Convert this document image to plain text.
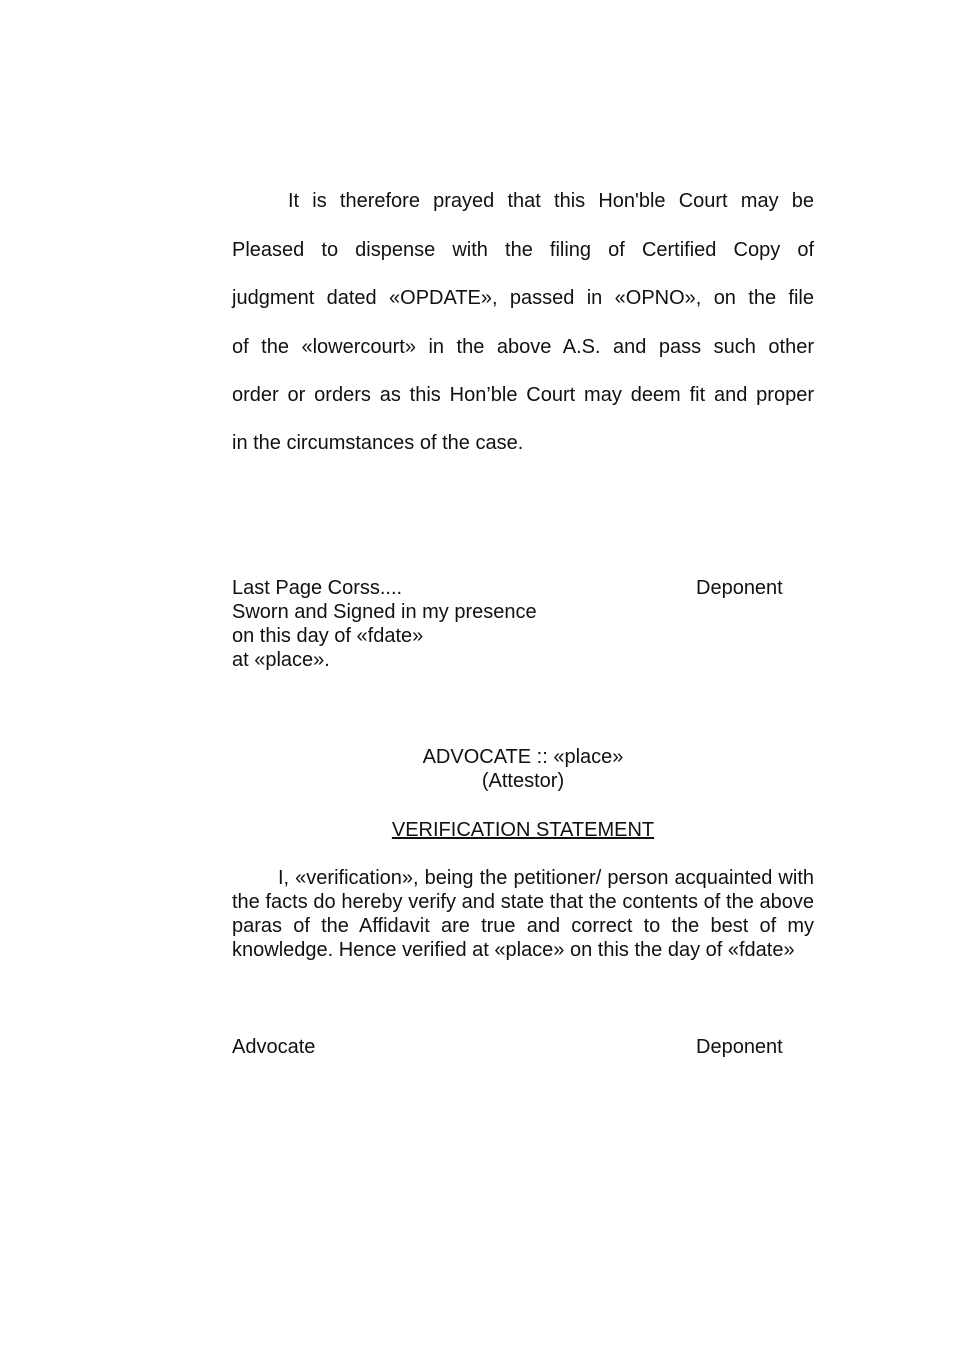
It is therefore prayed that this Hon'ble Court may be
Pleased to dispense with the filing of Certified Copy of
judgment dated «OPDATE», passed in «OPNO», on the file
of the «lowercourt» in the above A.S. and pass such other
order or orders as this Hon’ble Court may deem fit and proper
in the circumstances of the case.
Last Page Corss....
Sworn and Signed in my presence
on this day of «fdate»
at «place».
Deponent
ADVOCATE :: «place»
(Attestor)
VERIFICATION STATEMENT
I, «verification», being the petitioner/ person acquainted with the facts do hereby verify and state that the contents of the above paras of the Affidavit are true and correct to the best of my knowledge. Hence verified at «place» on this the day of «fdate»
Advocate	Deponent
